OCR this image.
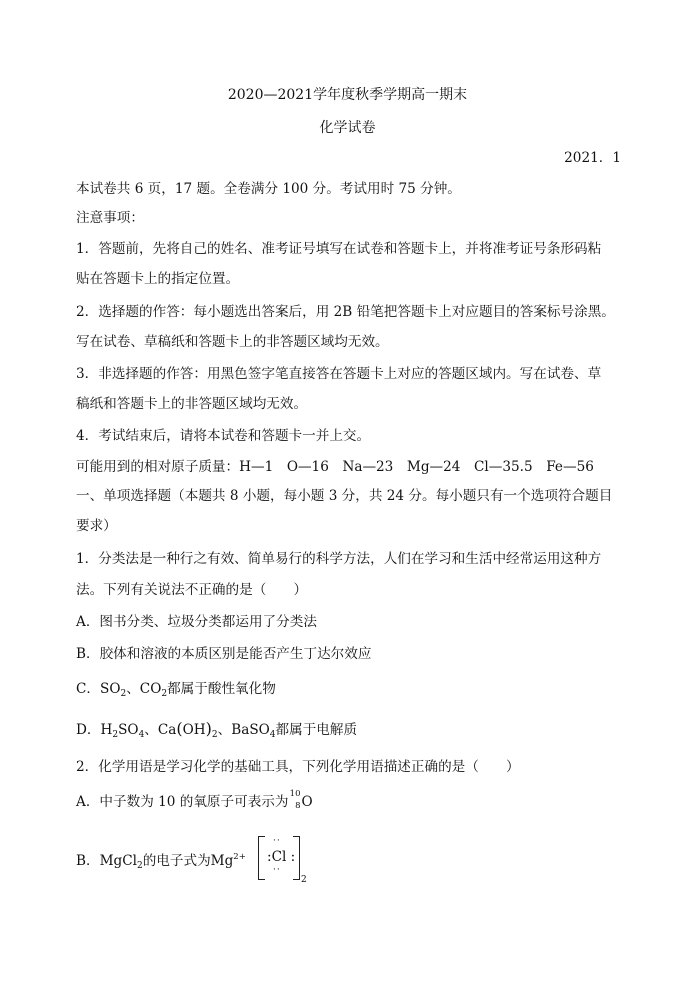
2020—2021学年度秋季学期高一期末
化学试卷
2021．1
本试卷共 6 页，17 题。全卷满分 100 分。考试用时 75 分钟。
注意事项：
1．答题前，先将自己的姓名、准考证号填写在试卷和答题卡上，并将准考证号条形码粘
贴在答题卡上的指定位置。
2．选择题的作答：每小题选出答案后，用 2B 铅笔把答题卡上对应题目的答案标号涂黑。
写在试卷、草稿纸和答题卡上的非答题区域均无效。
3．非选择题的作答：用黑色签字笔直接答在答题卡上对应的答题区域内。写在试卷、草
稿纸和答题卡上的非答题区域均无效。
4．考试结束后，请将本试卷和答题卡一并上交。
可能用到的相对原子质量：H—1　O—16　Na—23　Mg—24　Cl—35.5　Fe—56
一、单项选择题（本题共 8 小题，每小题 3 分，共 24 分。每小题只有一个选项符合题目
要求）
1．分类法是一种行之有效、简单易行的科学方法，人们在学习和生活中经常运用这种方
法。下列有关说法不正确的是（　　）
A．图书分类、垃圾分类都运用了分类法
B．胶体和溶液的本质区别是能否产生丁达尔效应
C．$SO_2$、$CO_2$都属于酸性氧化物
D．$H_2SO_4$、$Ca(OH)_2$、BaSO$_4$都属于电解质
2．化学用语是学习化学的基础工具，下列化学用语描述正确的是（　　）
A．中子数为 10 的氧原子可表示为 10
8 O
B．MgCl$_2$的电子式为$Mg^{2+}$
··
:Cl :
··
2
